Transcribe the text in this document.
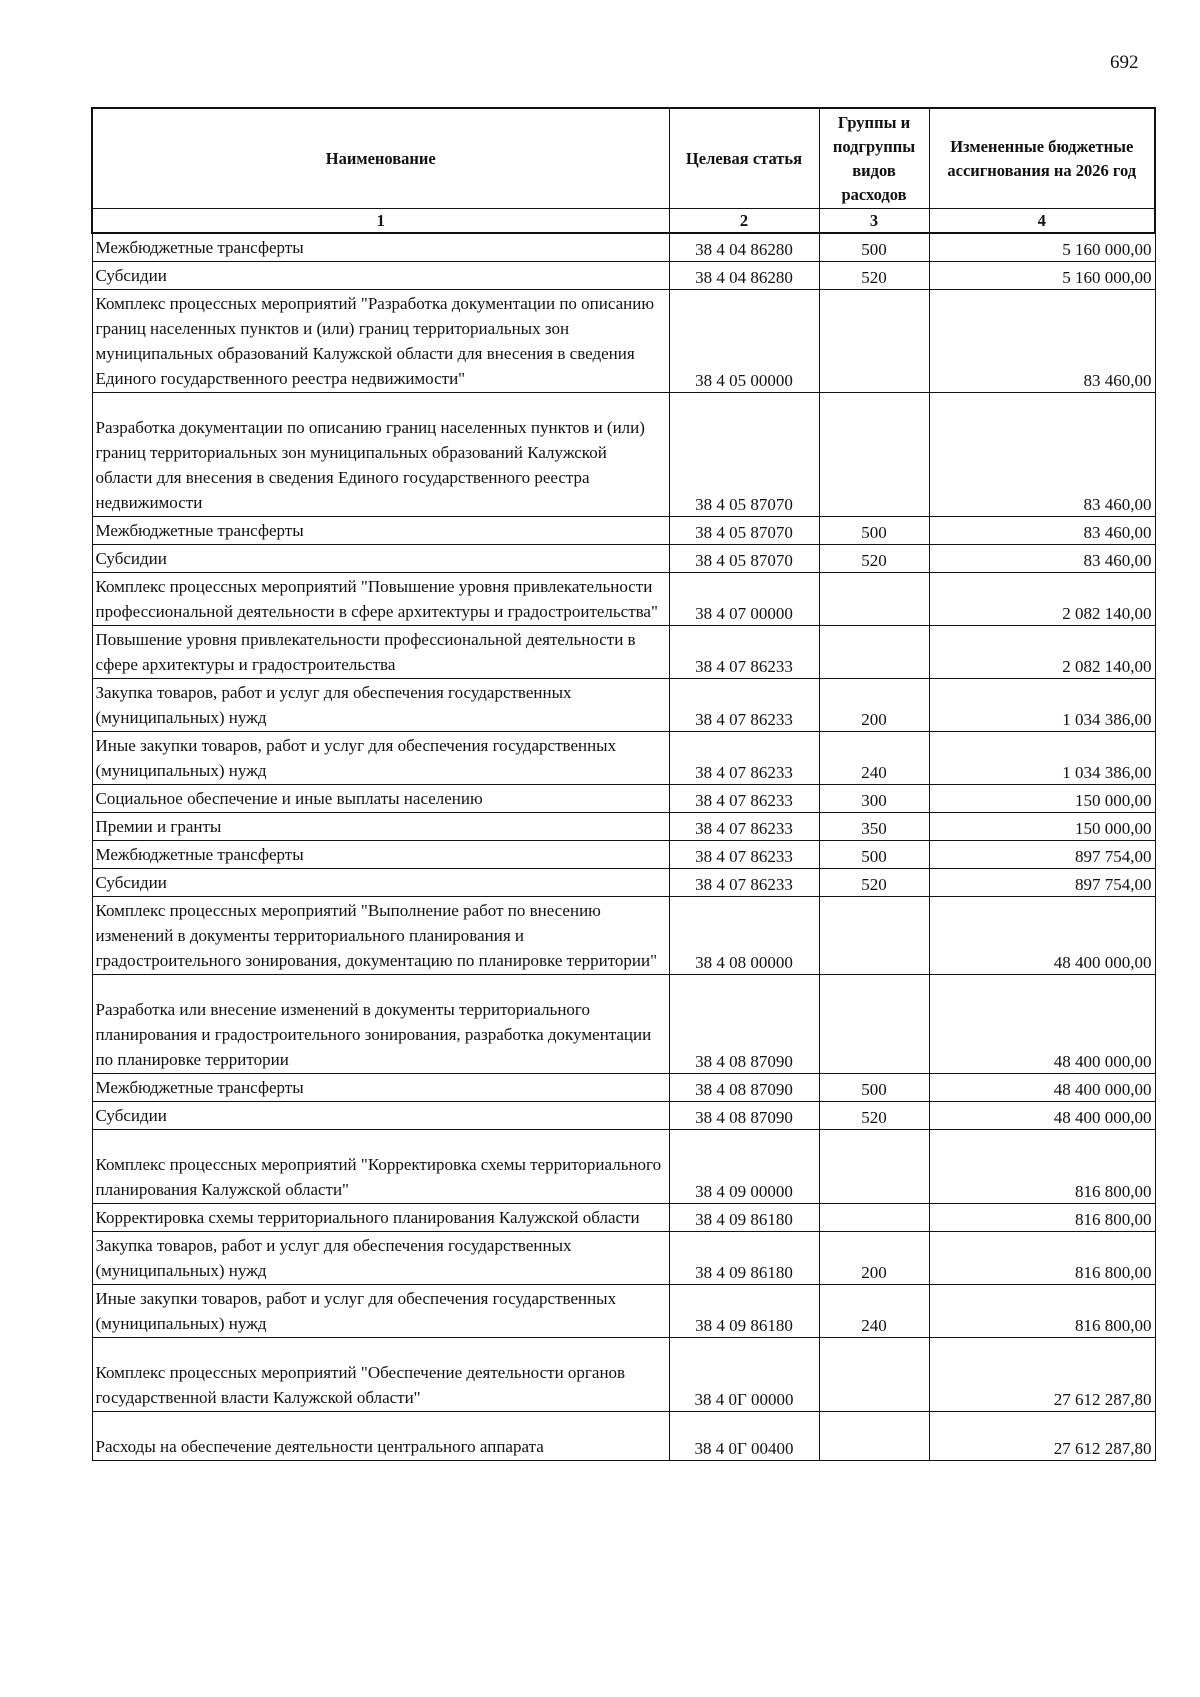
692
Наименование	Целевая статья	Группы и подгруппы видов расходов	Измененные бюджетные ассигнования на 2026 год
1	2	3	4
Межбюджетные трансферты	38 4 04 86280	500	5 160 000,00
Субсидии	38 4 04 86280	520	5 160 000,00
Комплекс процессных мероприятий "Разработка документации по описанию границ населенных пунктов и (или) границ территориальных зон муниципальных образований Калужской области для внесения в сведения Единого государственного реестра недвижимости"	38 4 05 00000		83 460,00
Разработка документации по описанию границ населенных пунктов и (или) границ территориальных зон муниципальных образований Калужской области для внесения в сведения Единого государственного реестра недвижимости	38 4 05 87070		83 460,00
Межбюджетные трансферты	38 4 05 87070	500	83 460,00
Субсидии	38 4 05 87070	520	83 460,00
Комплекс процессных мероприятий "Повышение уровня привлекательности профессиональной деятельности в сфере архитектуры и градостроительства"	38 4 07 00000		2 082 140,00
Повышение уровня привлекательности профессиональной деятельности в сфере архитектуры и градостроительства	38 4 07 86233		2 082 140,00
Закупка товаров, работ и услуг для обеспечения государственных (муниципальных) нужд	38 4 07 86233	200	1 034 386,00
Иные закупки товаров, работ и услуг для обеспечения государственных (муниципальных) нужд	38 4 07 86233	240	1 034 386,00
Социальное обеспечение и иные выплаты населению	38 4 07 86233	300	150 000,00
Премии и гранты	38 4 07 86233	350	150 000,00
Межбюджетные трансферты	38 4 07 86233	500	897 754,00
Субсидии	38 4 07 86233	520	897 754,00
Комплекс процессных мероприятий "Выполнение работ по внесению изменений в документы территориального планирования и градостроительного зонирования, документацию по планировке территории"	38 4 08 00000		48 400 000,00
Разработка или внесение изменений в документы территориального планирования и градостроительного зонирования, разработка документации по планировке территории	38 4 08 87090		48 400 000,00
Межбюджетные трансферты	38 4 08 87090	500	48 400 000,00
Субсидии	38 4 08 87090	520	48 400 000,00
Комплекс процессных мероприятий "Корректировка схемы территориального планирования Калужской области"	38 4 09 00000		816 800,00
Корректировка схемы территориального планирования Калужской области	38 4 09 86180		816 800,00
Закупка товаров, работ и услуг для обеспечения государственных (муниципальных) нужд	38 4 09 86180	200	816 800,00
Иные закупки товаров, работ и услуг для обеспечения государственных (муниципальных) нужд	38 4 09 86180	240	816 800,00
Комплекс процессных мероприятий "Обеспечение деятельности органов государственной власти Калужской области"	38 4 0Г 00000		27 612 287,80
Расходы на обеспечение деятельности центрального аппарата	38 4 0Г 00400		27 612 287,80
